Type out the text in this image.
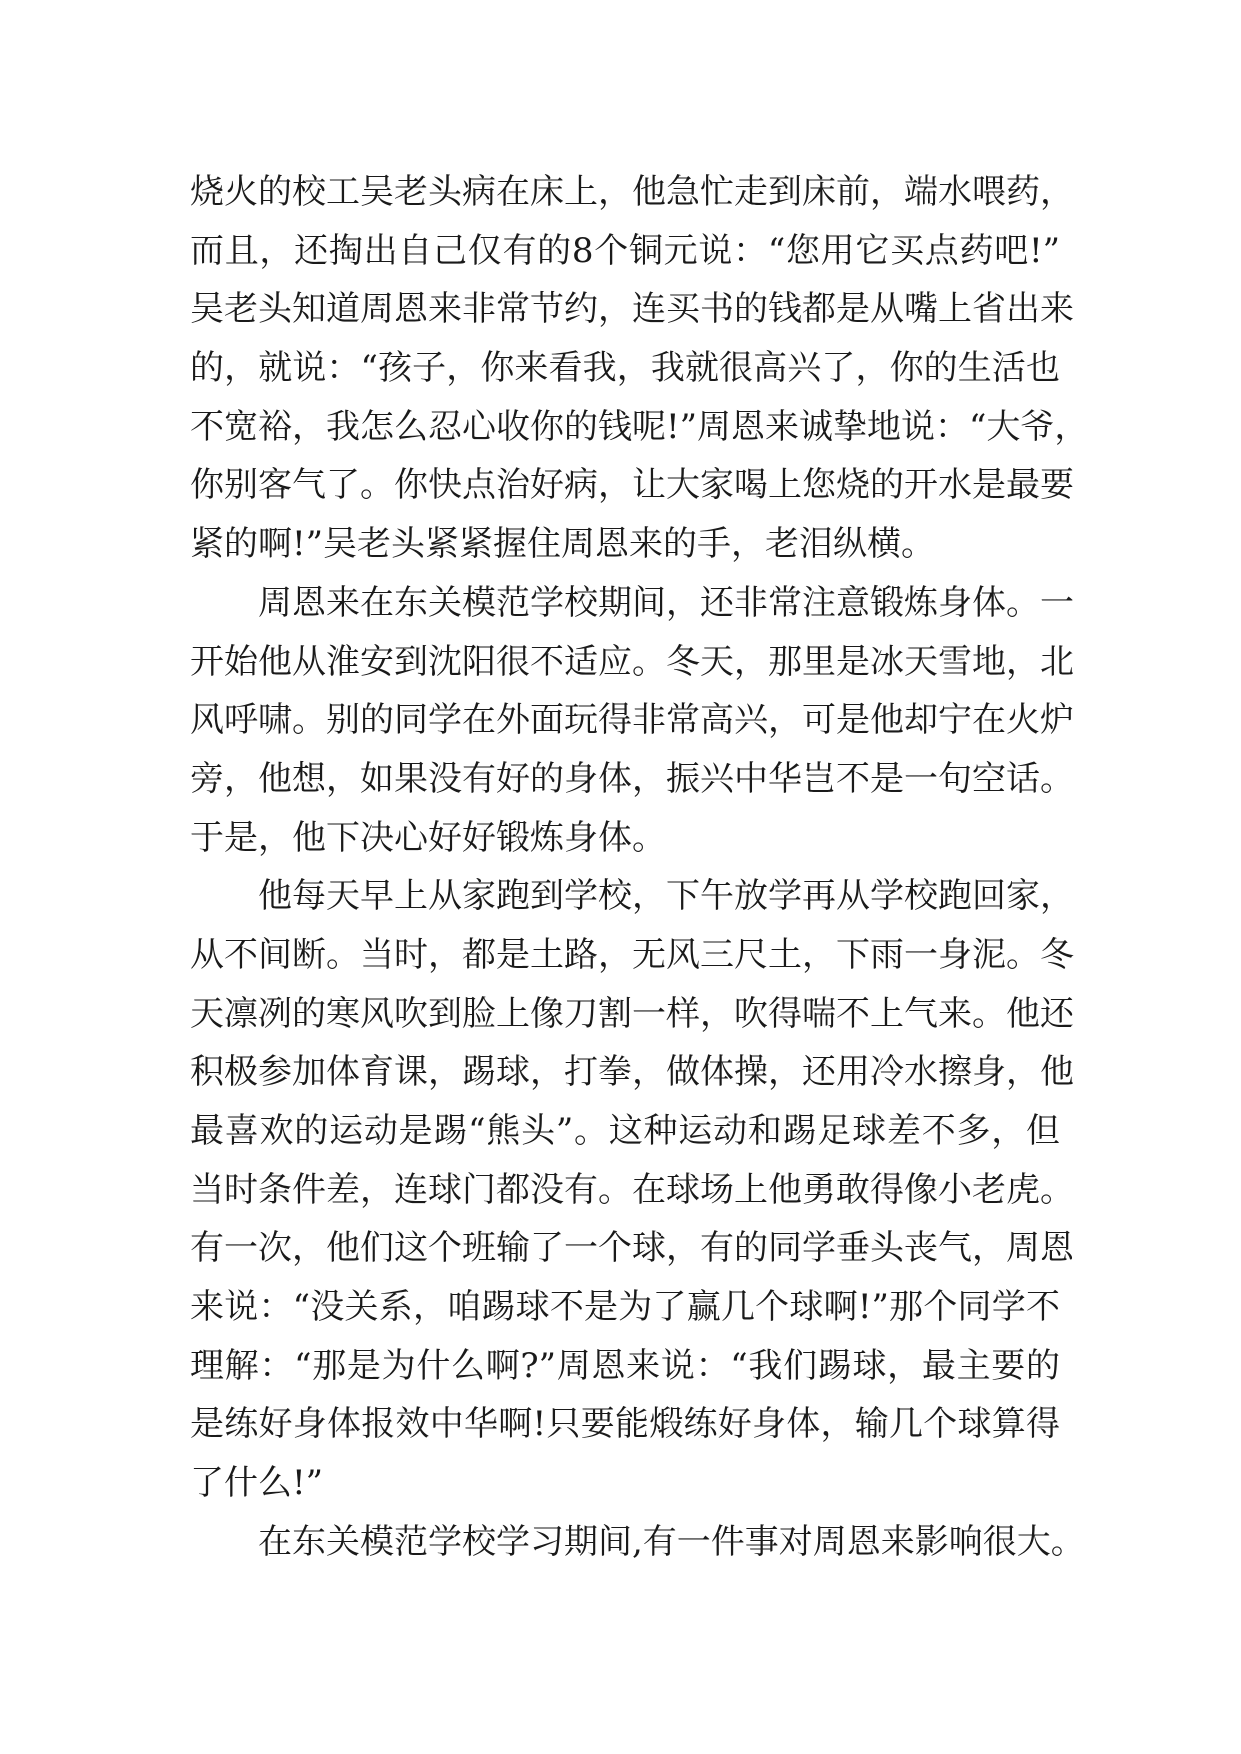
烧火的校工吴老头病在床上，他急忙走到床前，端水喂药，
而且，还掏出自己仅有的8个铜元说：“您用它买点药吧!”
吴老头知道周恩来非常节约，连买书的钱都是从嘴上省出来
的，就说：“孩子，你来看我，我就很高兴了，你的生活也
不宽裕，我怎么忍心收你的钱呢!”周恩来诚挚地说：“大爷，
你别客气了。你快点治好病，让大家喝上您烧的开水是最要
紧的啊!”吴老头紧紧握住周恩来的手，老泪纵横。
周恩来在东关模范学校期间，还非常注意锻炼身体。一
开始他从淮安到沈阳很不适应。冬天，那里是冰天雪地，北
风呼啸。别的同学在外面玩得非常高兴，可是他却宁在火炉
旁，他想，如果没有好的身体，振兴中华岂不是一句空话。
于是，他下决心好好锻炼身体。
他每天早上从家跑到学校，下午放学再从学校跑回家，
从不间断。当时，都是土路，无风三尺土，下雨一身泥。冬
天凛冽的寒风吹到脸上像刀割一样，吹得喘不上气来。他还
积极参加体育课，踢球，打拳，做体操，还用冷水擦身，他
最喜欢的运动是踢“熊头”。这种运动和踢足球差不多，但
当时条件差，连球门都没有。在球场上他勇敢得像小老虎。
有一次，他们这个班输了一个球，有的同学垂头丧气，周恩
来说：“没关系，咱踢球不是为了赢几个球啊!”那个同学不
理解：“那是为什么啊?”周恩来说：“我们踢球，最主要的
是练好身体报效中华啊!只要能煅练好身体，输几个球算得
了什么!”
在东关模范学校学习期间,有一件事对周恩来影响很大。
